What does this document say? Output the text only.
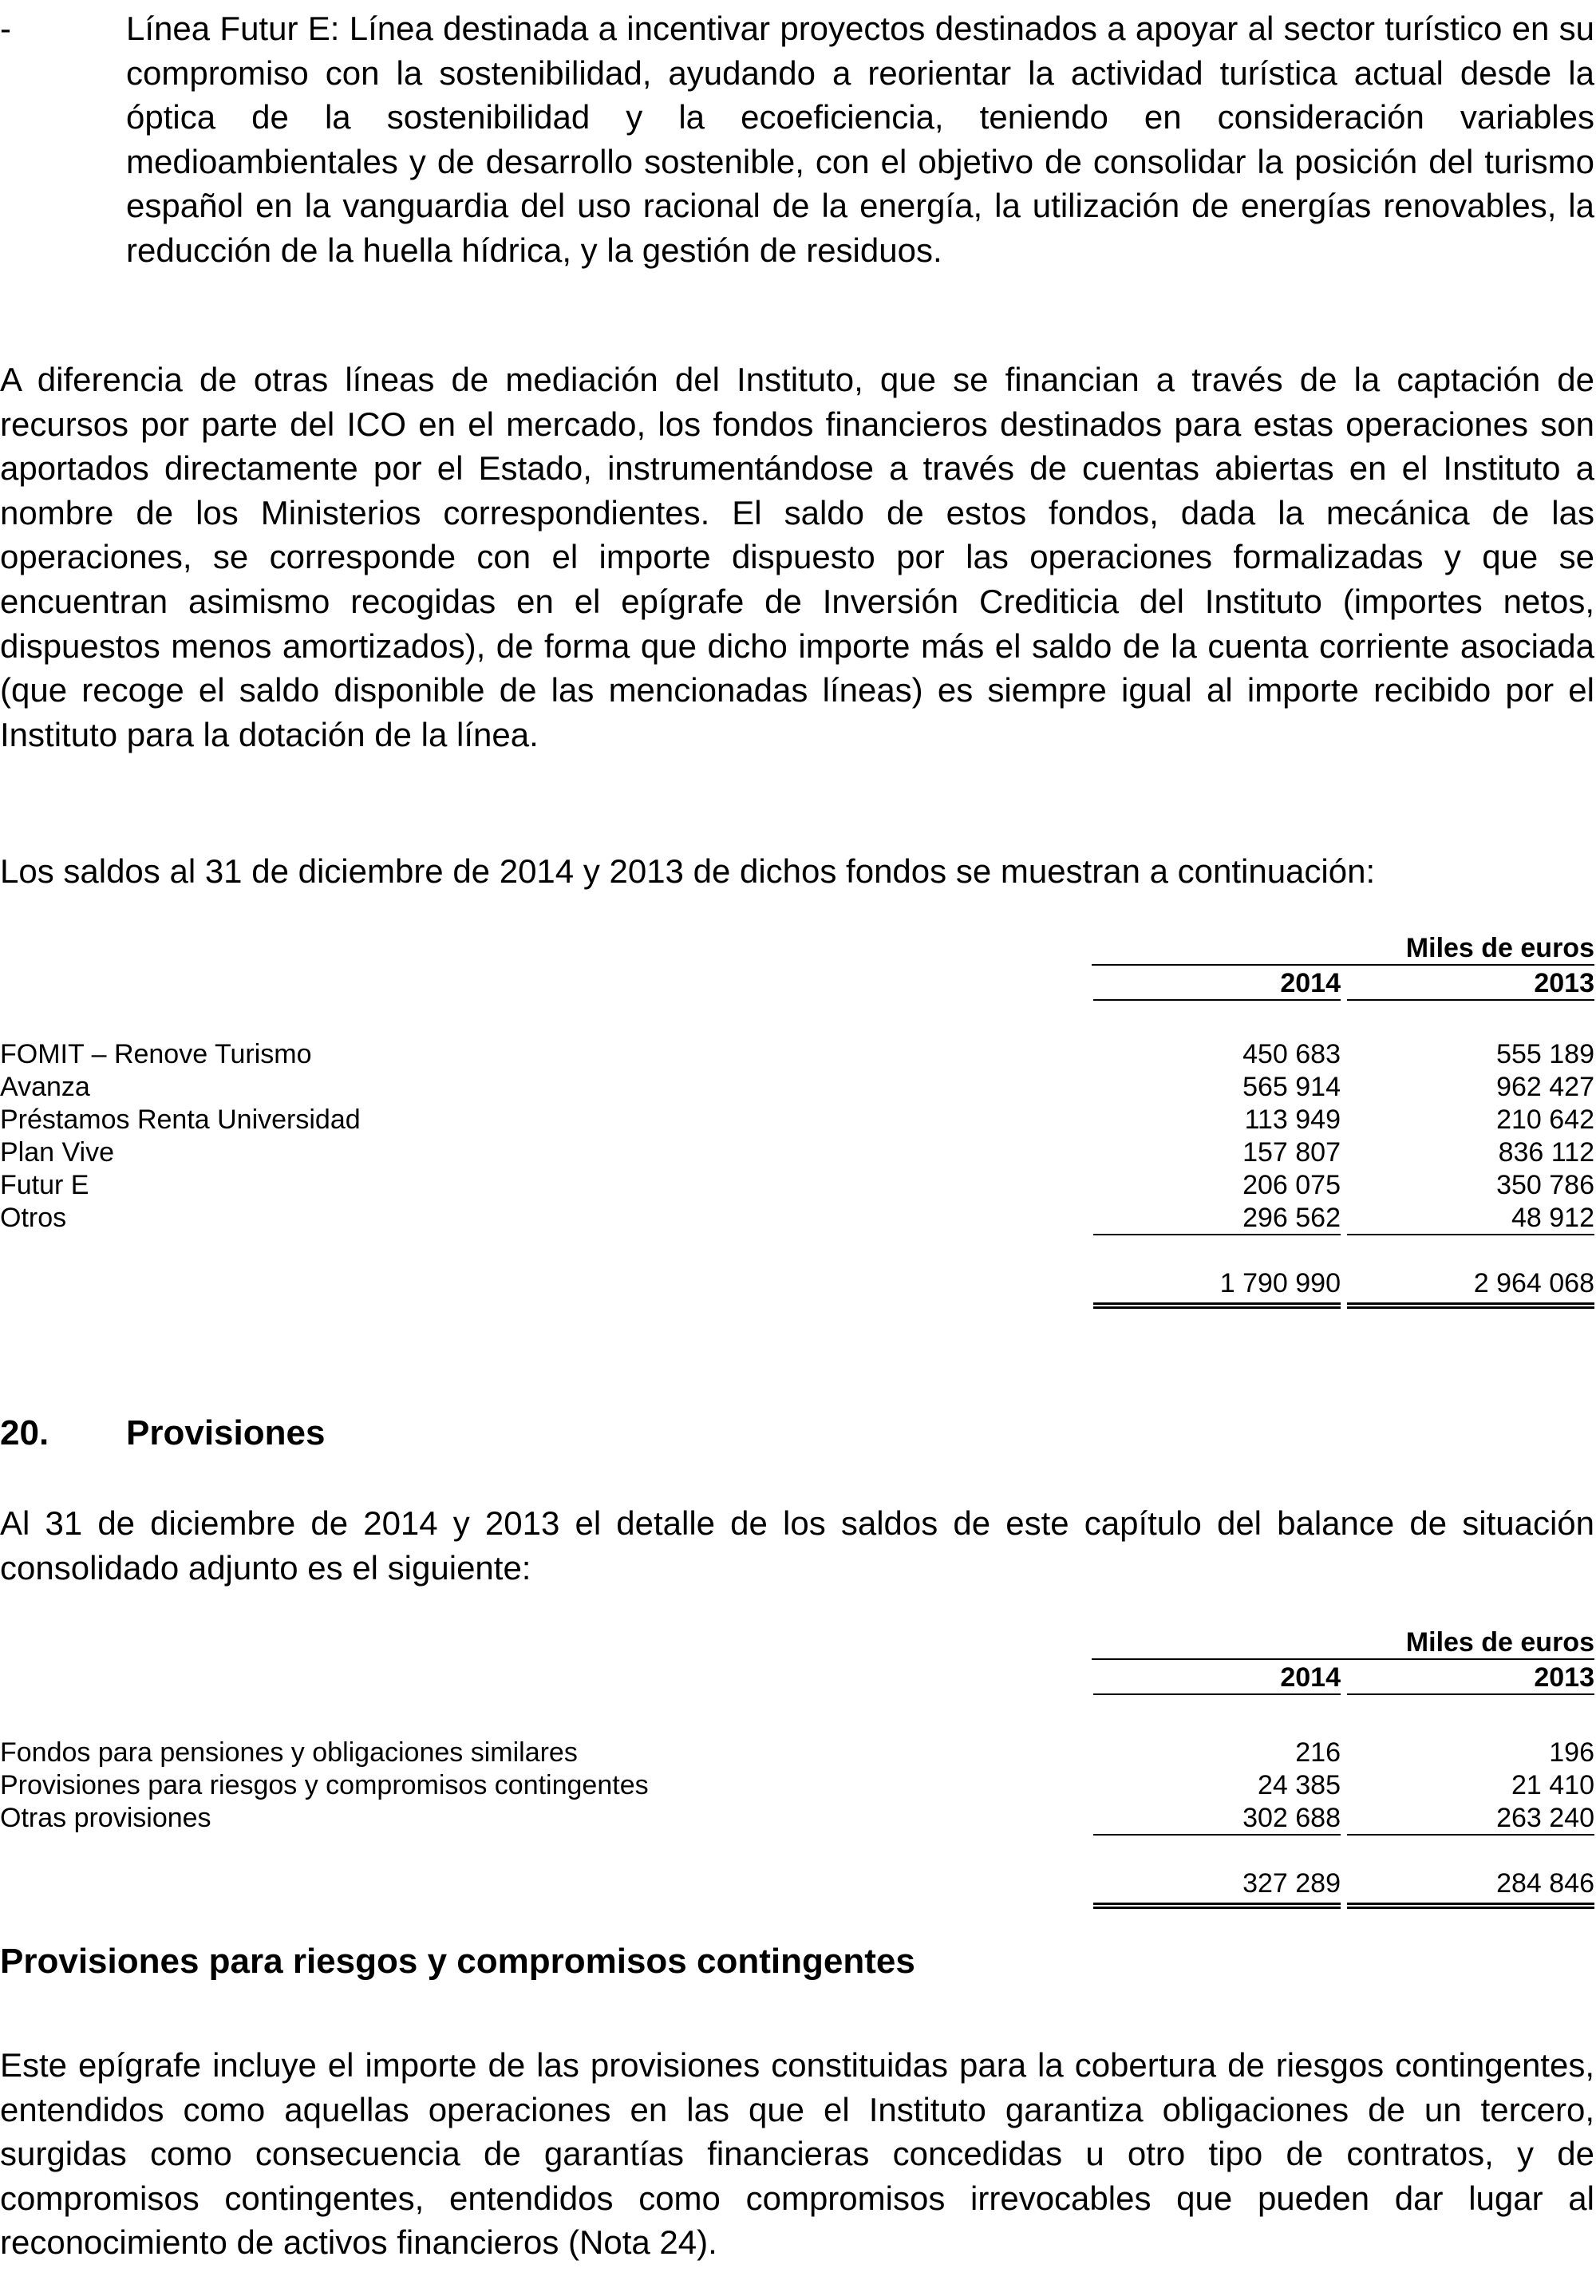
-	Línea Futur E: Línea destinada a incentivar proyectos destinados a apoyar al sector turístico en su compromiso con la sostenibilidad, ayudando a reorientar la actividad turística actual desde la óptica de la sostenibilidad y la ecoeficiencia, teniendo en consideración variables medioambientales y de desarrollo sostenible, con el objetivo de consolidar la posición del turismo español en la vanguardia del uso racional de la energía, la utilización de energías renovables, la reducción de la huella hídrica, y la gestión de residuos.

A diferencia de otras líneas de mediación del Instituto, que se financian a través de la captación de recursos por parte del ICO en el mercado, los fondos financieros destinados para estas operaciones son aportados directamente por el Estado, instrumentándose a través de cuentas abiertas en el Instituto a nombre de los Ministerios correspondientes. El saldo de estos fondos, dada la mecánica de las operaciones, se corresponde con el importe dispuesto por las operaciones formalizadas y que se encuentran asimismo recogidas en el epígrafe de Inversión Crediticia del Instituto (importes netos, dispuestos menos amortizados), de forma que dicho importe más el saldo de la cuenta corriente asociada (que recoge el saldo disponible de las mencionadas líneas) es siempre igual al importe recibido por el Instituto para la dotación de la línea.

Los saldos al 31 de diciembre de 2014 y 2013 de dichos fondos se muestran a continuación:

Miles de euros
2014	2013
FOMIT – Renove Turismo	450 683	555 189
Avanza	565 914	962 427
Préstamos Renta Universidad	113 949	210 642
Plan Vive	157 807	836 112
Futur E	206 075	350 786
Otros	296 562	48 912
1 790 990	2 964 068
20. Provisiones

Al 31 de diciembre de 2014 y 2013 el detalle de los saldos de este capítulo del balance de situación consolidado adjunto es el siguiente:

Miles de euros
2014	2013
Fondos para pensiones y obligaciones similares	216	196
Provisiones para riesgos y compromisos contingentes	24 385	21 410
Otras provisiones	302 688	263 240
327 289	284 846
Provisiones para riesgos y compromisos contingentes

Este epígrafe incluye el importe de las provisiones constituidas para la cobertura de riesgos contingentes, entendidos como aquellas operaciones en las que el Instituto garantiza obligaciones de un tercero, surgidas como consecuencia de garantías financieras concedidas u otro tipo de contratos, y de compromisos contingentes, entendidos como compromisos irrevocables que pueden dar lugar al reconocimiento de activos financieros (Nota 24).
